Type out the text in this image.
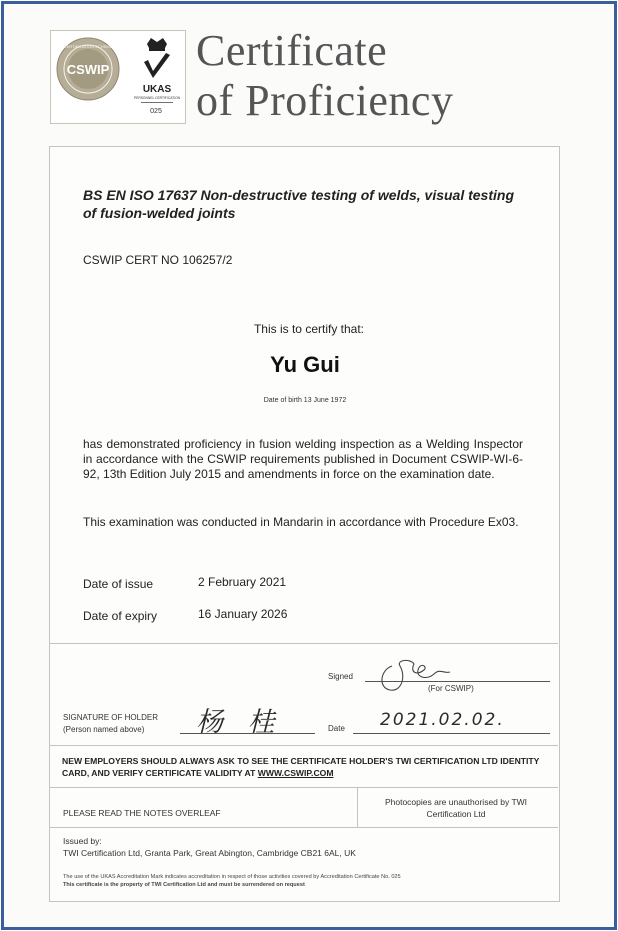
CSWIP
CERTIFICATION SCHEME
UKAS
PERSONNEL CERTIFICATION
025
Certificate
of Proficiency
BS EN ISO 17637 Non-destructive testing of welds, visual testing of fusion-welded joints
CSWIP CERT NO 106257/2
This is to certify that:
Yu Gui
Date of birth 13 June 1972
has demonstrated proficiency in fusion welding inspection as a Welding Inspector in accordance with the CSWIP requirements published in Document CSWIP-WI-6-92, 13th Edition July 2015 and amendments in force on the examination date.
This examination was conducted in Mandarin in accordance with Procedure Ex03.
Date of issue	2 February 2021
Date of expiry	16 January 2026
Signed
(For CSWIP)
SIGNATURE OF HOLDER
(Person named above) 杨 桂	Date 2021.02.02.
NEW EMPLOYERS SHOULD ALWAYS ASK TO SEE THE CERTIFICATE HOLDER'S TWI CERTIFICATION LTD IDENTITY CARD, AND VERIFY CERTIFICATE VALIDITY AT WWW.CSWIP.COM
PLEASE READ THE NOTES OVERLEAF
Photocopies are unauthorised by TWI Certification Ltd
Issued by:
TWI Certification Ltd, Granta Park, Great Abington, Cambridge CB21 6AL, UK
The use of the UKAS Accreditation Mark indicates accreditation in respect of those activities covered by Accreditation Certificate No. 025
This certificate is the property of TWI Certification Ltd and must be surrendered on request
